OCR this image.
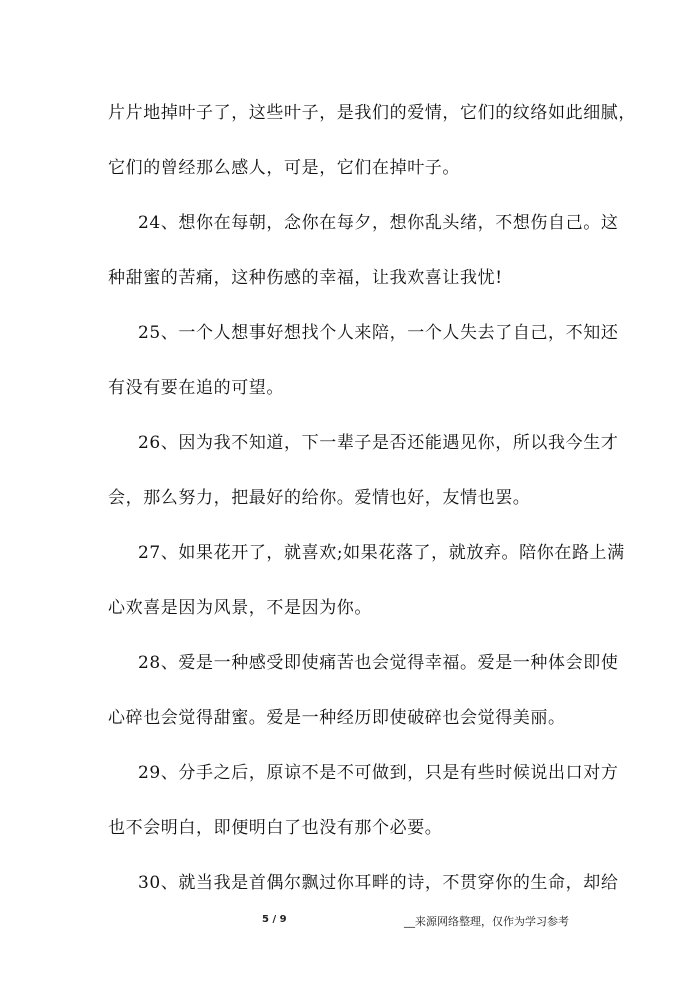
片片地掉叶子了，这些叶子，是我们的爱情，它们的纹络如此细腻，
它们的曾经那么感人，可是，它们在掉叶子。
24、想你在每朝，念你在每夕，想你乱头绪，不想伤自己。这
种甜蜜的苦痛，这种伤感的幸福，让我欢喜让我忧!
25、一个人想事好想找个人来陪，一个人失去了自己，不知还
有没有要在追的可望。
26、因为我不知道，下一辈子是否还能遇见你，所以我今生才
会，那么努力，把最好的给你。爱情也好，友情也罢。
27、如果花开了，就喜欢;如果花落了，就放弃。陪你在路上满
心欢喜是因为风景，不是因为你。
28、爱是一种感受即使痛苦也会觉得幸福。爱是一种体会即使
心碎也会觉得甜蜜。爱是一种经历即使破碎也会觉得美丽。
29、分手之后，原谅不是不可做到，只是有些时候说出口对方
也不会明白，即便明白了也没有那个必要。
30、就当我是首偶尔飘过你耳畔的诗，不贯穿你的生命，却给
5 / 9	__来源网络整理，仅作为学习参考
